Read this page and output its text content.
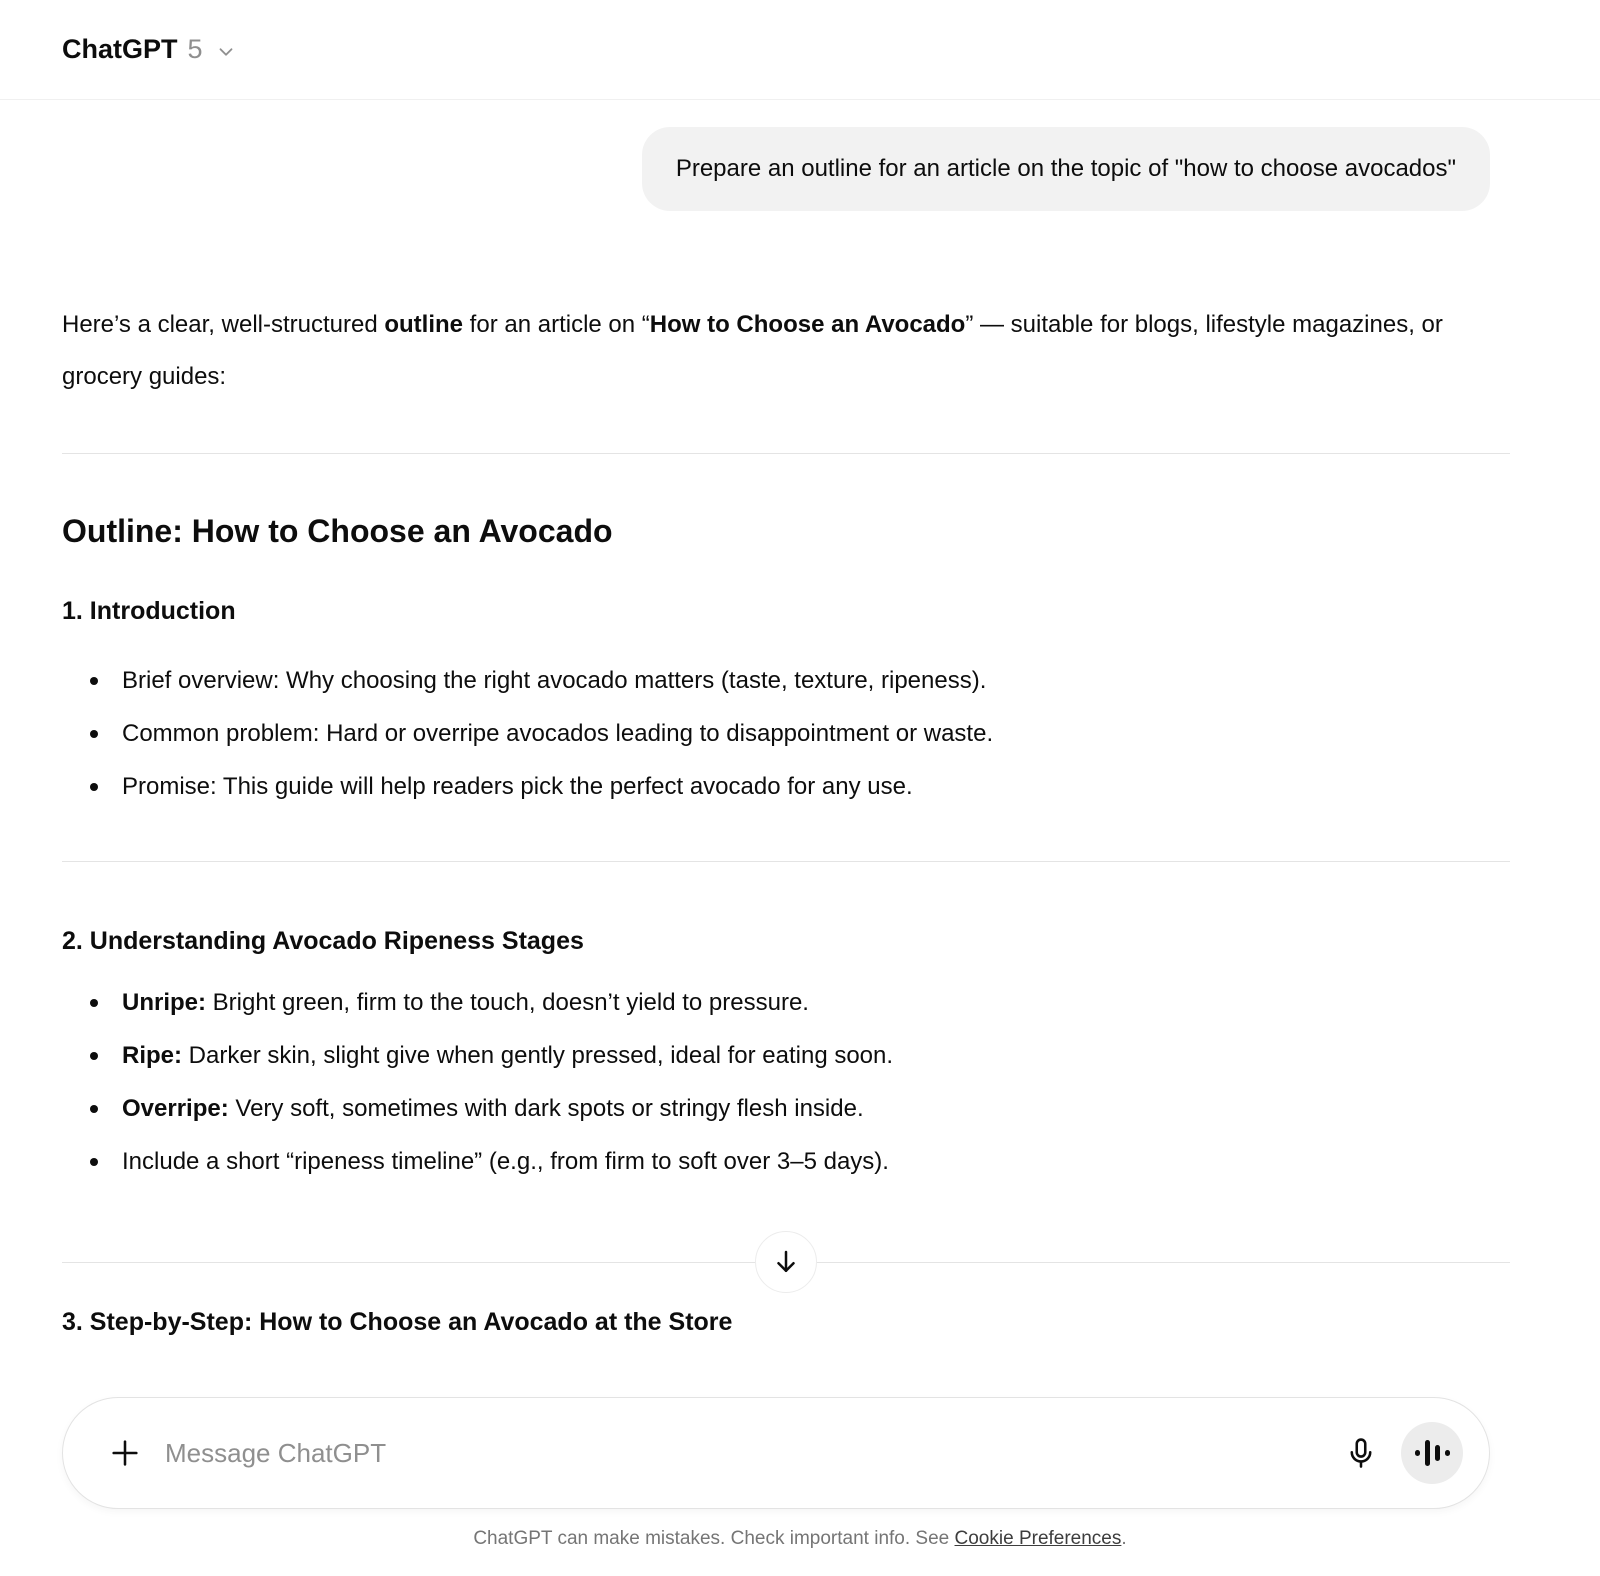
ChatGPT 5
Prepare an outline for an article on the topic of "how to choose avocados"

Here’s a clear, well-structured outline for an article on “How to Choose an Avocado” — suitable for blogs, lifestyle magazines, or grocery guides:

Outline: How to Choose an Avocado
1. Introduction
Brief overview: Why choosing the right avocado matters (taste, texture, ripeness).
Common problem: Hard or overripe avocados leading to disappointment or waste.
Promise: This guide will help readers pick the perfect avocado for any use.
2. Understanding Avocado Ripeness Stages
Unripe: Bright green, firm to the touch, doesn’t yield to pressure.
Ripe: Darker skin, slight give when gently pressed, ideal for eating soon.
Overripe: Very soft, sometimes with dark spots or stringy flesh inside.
Include a short “ripeness timeline” (e.g., from firm to soft over 3–5 days).
3. Step-by-Step: How to Choose an Avocado at the Store
Message ChatGPT
ChatGPT can make mistakes. Check important info. See Cookie Preferences.
